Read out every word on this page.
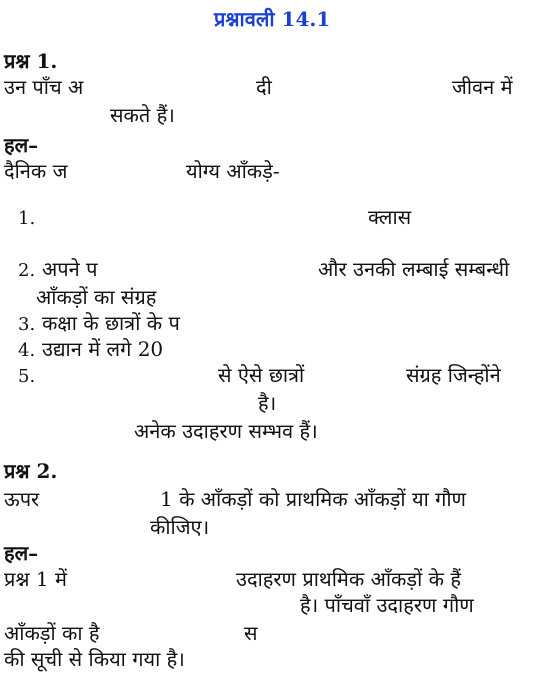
प्रश्नावली 14.1
प्रश्न 1.
उन पाँच अ	दी	जीवन में
सकते हैं।
हल–
दैनिक ज	योग्य आँकड़े-
1.	क्लास
2. अपने प	और उनकी लम्बाई सम्बन्धी
आँकड़ों का संग्रह
3. कक्षा के छात्रों के प
4. उद्यान में लगे 20
5.	से ऐसे छात्रों	संग्रह जिन्होंने
है।
अनेक उदाहरण सम्भव हैं।
प्रश्न 2.
ऊपर	1 के आँकड़ों को प्राथमिक आँकड़ों या गौण
कीजिए।
हल–
प्रश्न 1 में	उदाहरण प्राथमिक आँकड़ों के हैं
है। पाँचवाँ उदाहरण गौण
आँकड़ों का है	स
की सूची से किया गया है।
